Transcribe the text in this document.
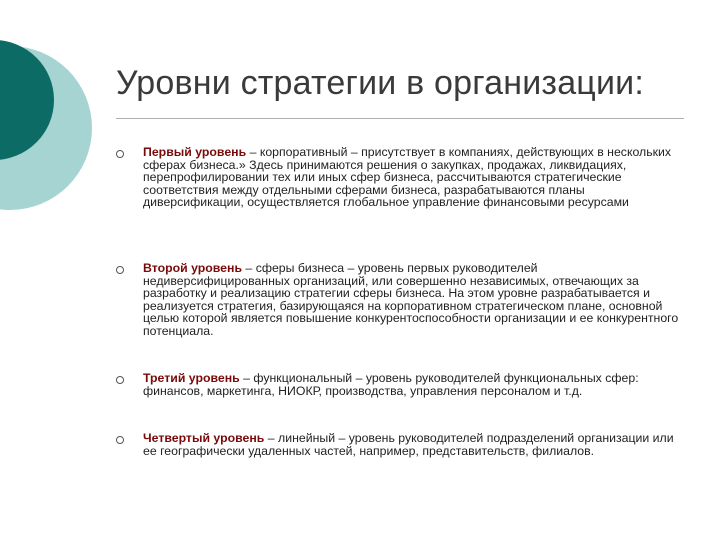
Уровни стратегии в организации:

Первый уровень – корпоративный – присутствует в компаниях, действующих в нескольких сферах бизнеса.» Здесь принимаются решения о закупках, продажах, ликвидациях, перепрофилировании тех или иных сфер бизнеса, рассчитываются стратегические соответствия между отдельными сферами бизнеса, разрабатываются планы диверсификации, осуществляется глобальное управление финансовыми ресурсами

Второй уровень – сферы бизнеса – уровень первых руководителей недиверсифицированных организаций, или совершенно независимых, отвечающих за разработку и реализацию стратегии сферы бизнеса. На этом уровне разрабатывается и реализуется стратегия, базирующаяся на корпоративном стратегическом плане, основной целью которой является повышение конкурентоспособности организации и ее конкурентного потенциала.

Третий уровень – функциональный – уровень руководителей функциональных сфер: финансов, маркетинга, НИОКР, производства, управления персоналом и т.д.

Четвертый уровень – линейный – уровень руководителей подразделений организации или ее географически удаленных частей, например, представительств, филиалов.
